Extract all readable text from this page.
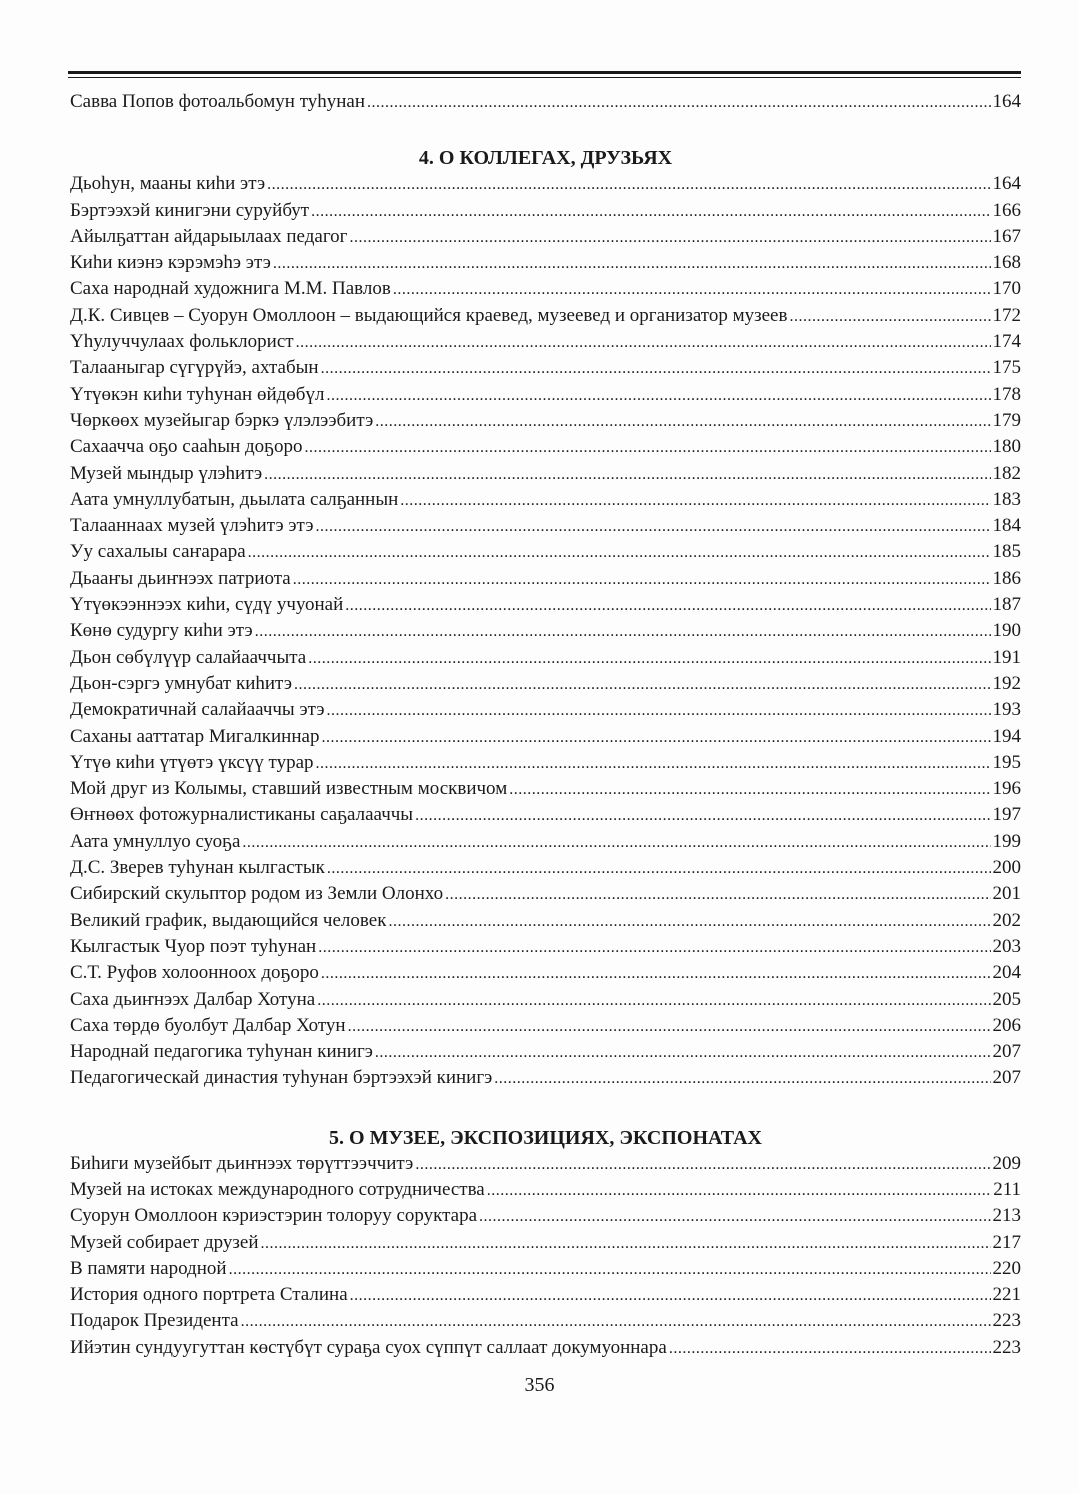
Савва Попов фотоальбомун туһунан .....	164
4. О КОЛЛЕГАХ, ДРУЗЬЯХ
Дьоһун, мааны киһи этэ .....	164
Бэртээхэй кинигэни суруйбут .....	166
Айылҕаттан айдарыылаах педагог .....	167
Киһи киэнэ кэрэмэһэ этэ .....	168
Саха народнай художнига М.М. Павлов .....	170
Д.К. Сивцев – Суорун Омоллоон – выдающийся краевед, музеевед и организатор музеев .....	172
Үһулуччулаах фольклорист .....	174
Талааныгар сүгүрүйэ, ахтабын .....	175
Үтүөкэн киһи туһунан өйдөбүл .....	178
Чөркөөх музейыгар бэркэ үлэлээбитэ .....	179
Сахаачча оҕо сааһын доҕоро .....	180
Музей мындыр үлэһитэ .....	182
Аата умнуллубатын, дьылата салҕаннын .....	183
Талааннаах музей үлэһитэ этэ .....	184
Уу сахалыы саҥарара .....	185
Дьааҥы дьиҥнээх патриота .....	186
Үтүөкээннээх киһи, сүдү учуонай .....	187
Көнө судургу киһи этэ .....	190
Дьон сөбүлүүр салайааччыта .....	191
Дьон-сэргэ умнубат киһитэ .....	192
Демократичнай салайааччы этэ .....	193
Саханы ааттатар Мигалкиннар .....	194
Үтүө киһи үтүөтэ үксүү турар .....	195
Мой друг из Колымы, ставший известным москвичом .....	196
Өҥнөөх фотожурналистиканы саҕалааччы .....	197
Аата умнуллуо суоҕа .....	199
Д.С. Зверев туһунан кылгастык .....	200
Сибирский скульптор родом из Земли Олонхо .....	201
Великий график, выдающийся человек .....	202
Кылгастык Чуор поэт туһунан .....	203
С.Т. Руфов холоонноох доҕоро .....	204
Саха дьиҥнээх Далбар Хотуна .....	205
Саха төрдө буолбут Далбар Хотун .....	206
Народнай педагогика туһунан кинигэ .....	207
Педагогическай династия туһунан бэртээхэй кинигэ .....	207
5. О МУЗЕЕ, ЭКСПОЗИЦИЯХ, ЭКСПОНАТАХ
Биһиги музейбыт дьиҥнээх төрүттээччитэ .....	209
Музей на истоках международного сотрудничества .....	211
Суорун Омоллоон кэриэстэрин толоруу соруктара .....	213
Музей собирает друзей .....	217
В памяти народной .....	220
История одного портрета Сталина .....	221
Подарок Президента .....	223
Ийэтин сундуугуттан көстүбүт сураҕа суох сүппүт саллаат докумуоннара .....	223
356
